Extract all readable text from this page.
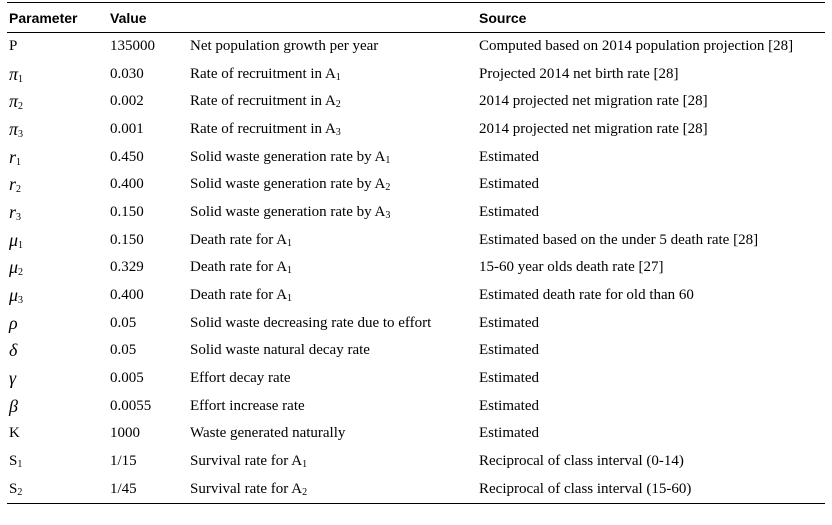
Parameter	Value		Source
P	135000	Net population growth per year	Computed based on 2014 population projection [28]
$\pi_1$	0.030	Rate of recruitment in $A_1$	Projected 2014 net birth rate [28]
$\pi_2$	0.002	Rate of recruitment in $A_2$	2014 projected net migration rate [28]
$\pi_3$	0.001	Rate of recruitment in $A_3$	2014 projected net migration rate [28]
$r_1$	0.450	Solid waste generation rate by $A_1$	Estimated
$r_2$	0.400	Solid waste generation rate by $A_2$	Estimated
$r_3$	0.150	Solid waste generation rate by $A_3$	Estimated
$\mu_1$	0.150	Death rate for $A_1$	Estimated based on the under 5 death rate [28]
$\mu_2$	0.329	Death rate for $A_1$	15-60 year olds death rate [27]
$\mu_3$	0.400	Death rate for $A_1$	Estimated death rate for old than 60
ρ	0.05	Solid waste decreasing rate due to effort	Estimated
δ	0.05	Solid waste natural decay rate	Estimated
γ	0.005	Effort decay rate	Estimated
β	0.0055	Effort increase rate	Estimated
K	1000	Waste generated naturally	Estimated
$S_1$	1/15	Survival rate for $A_1$	Reciprocal of class interval (0-14)
$S_2$	1/45	Survival rate for $A_2$	Reciprocal of class interval (15-60)
